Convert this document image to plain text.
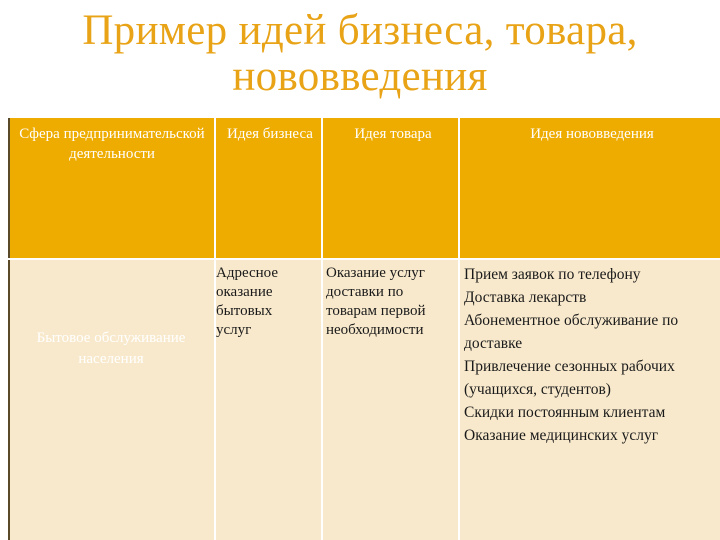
Пример идей бизнеса, товара,
нововведения
Сфера предпринимательской деятельности
Идея бизнеса	Идея товара	Идея нововведения
Бытовое обслуживание населения
Адресное
оказание
бытовых
услуг
Оказание услуг
доставки по
товарам первой
необходимости
Прием заявок по телефону
Доставка лекарств
Абонементное обслуживание по
доставке
Привлечение сезонных рабочих
(учащихся, студентов)
Скидки постоянным клиентам
Оказание медицинских услуг
